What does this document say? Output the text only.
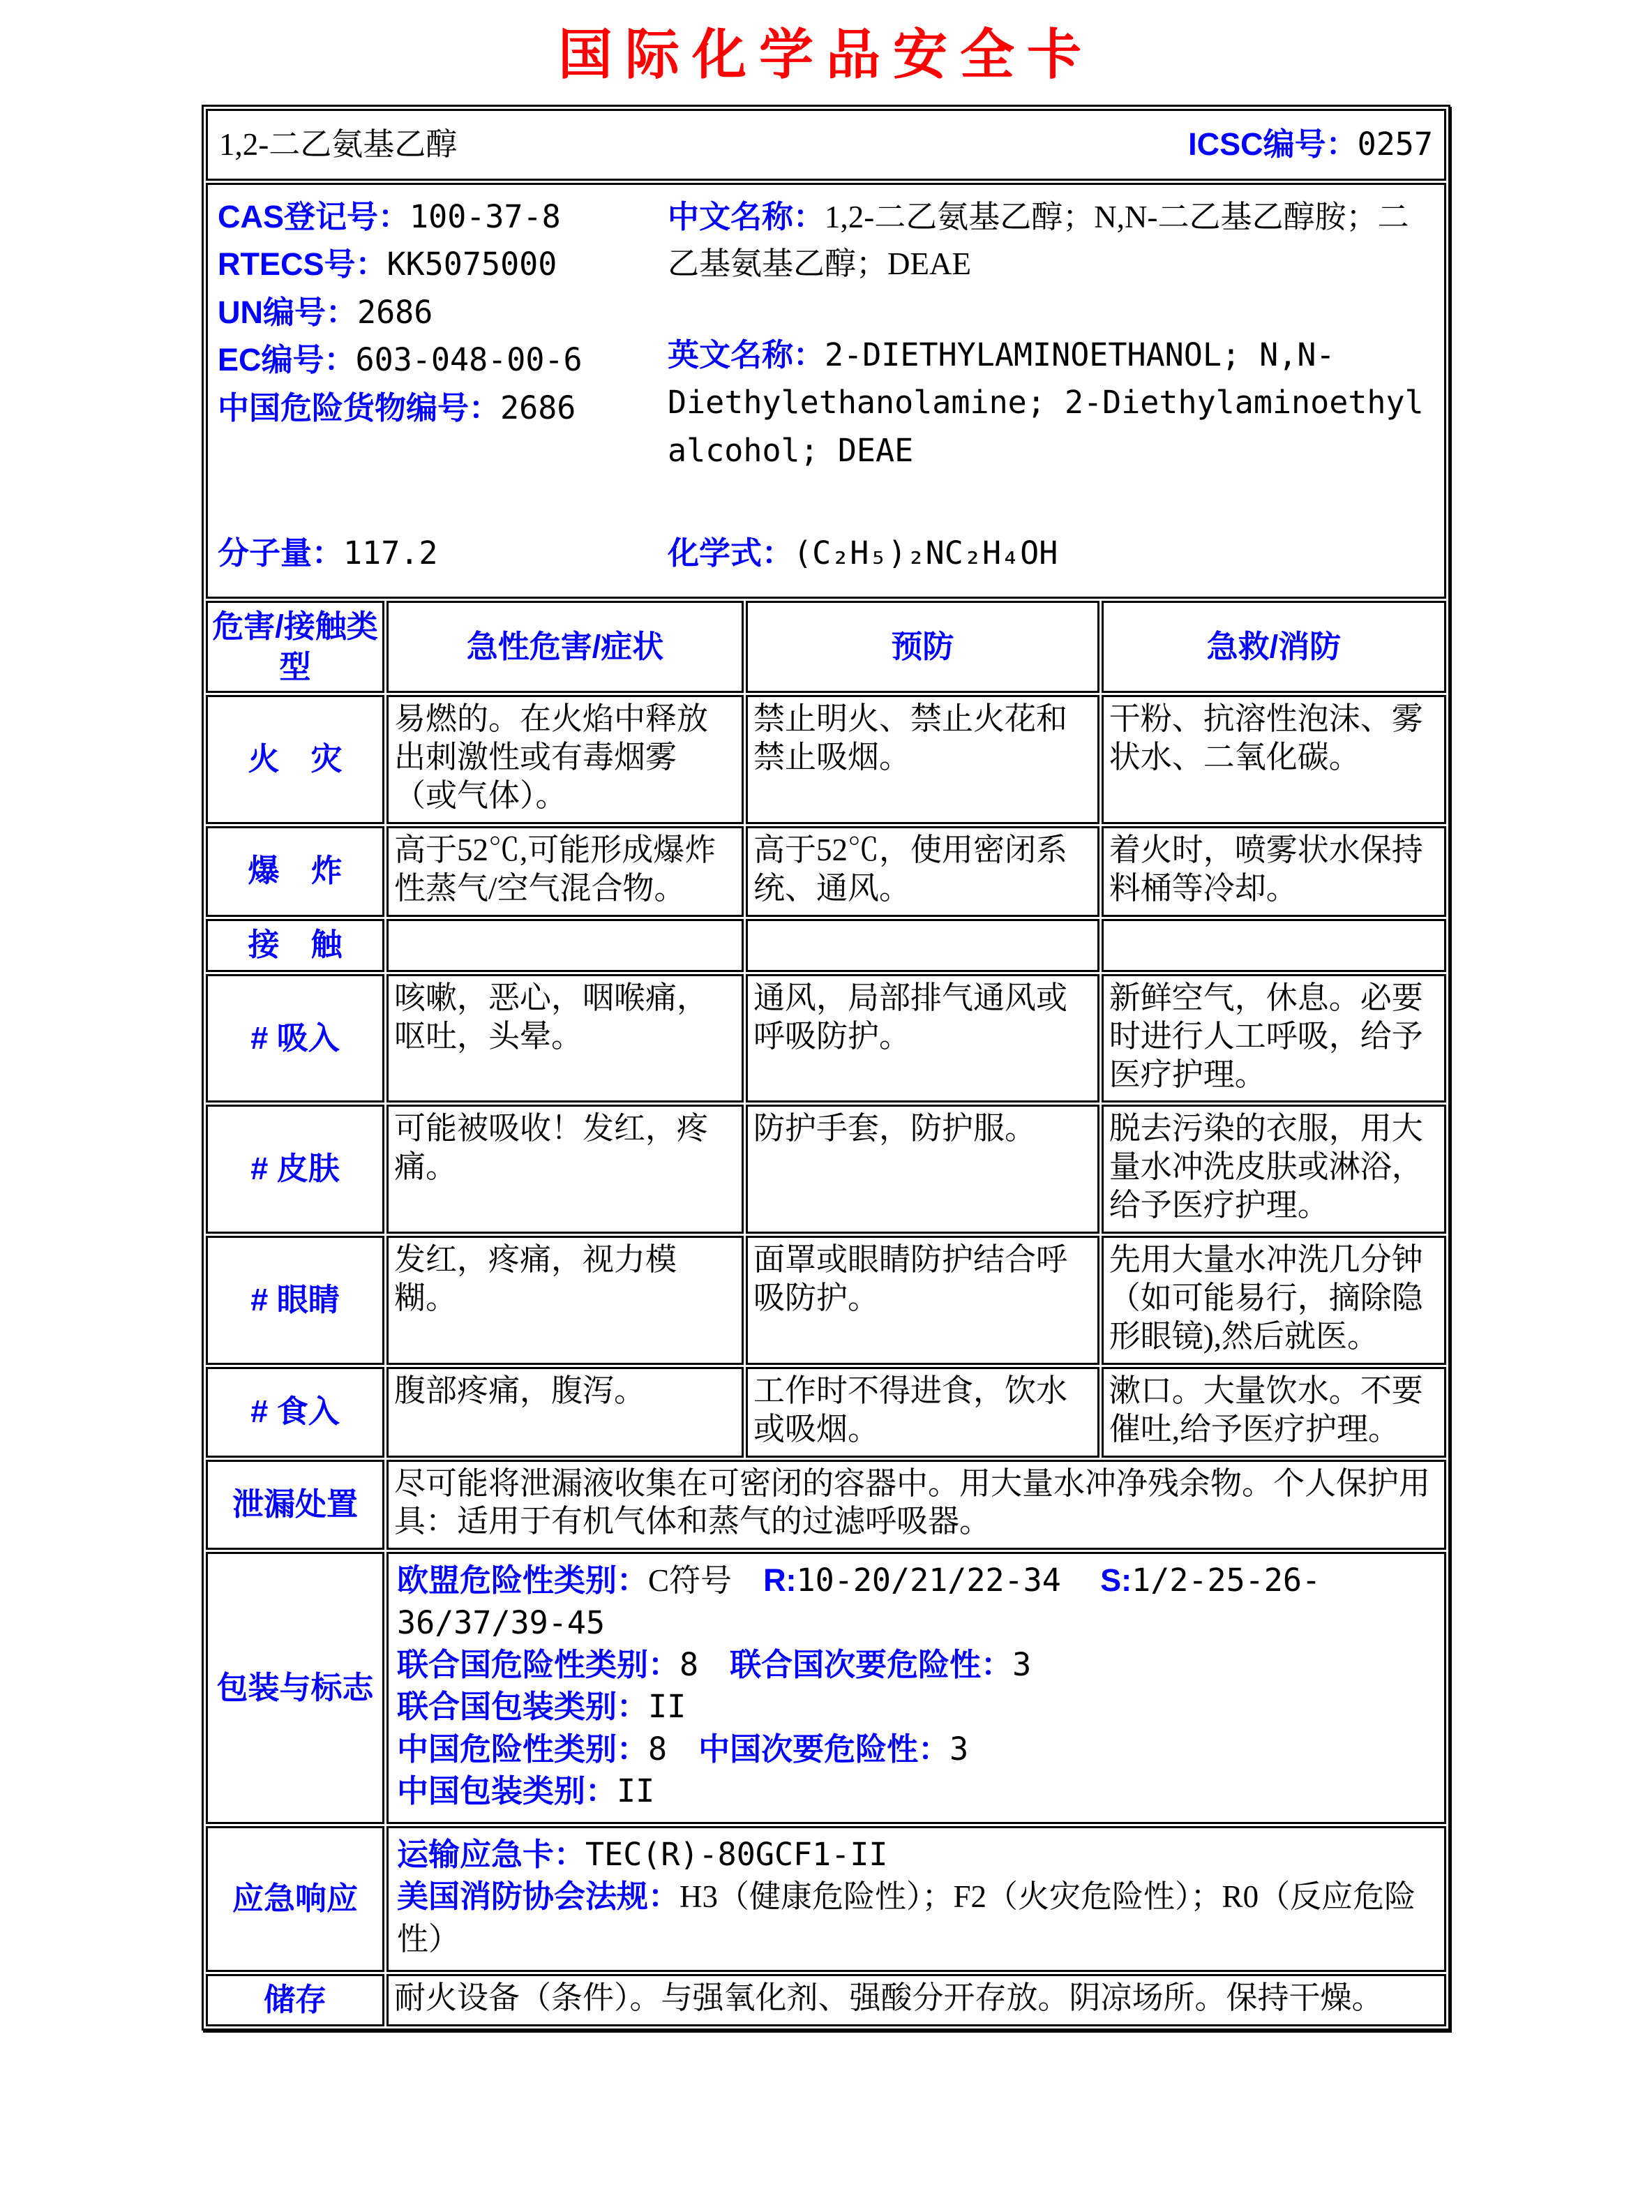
国际化学品安全卡
1,2-二乙氨基乙醇 ICSC编号：0257			

CAS登记号：100-37-8
RTECS号：KK5075000
UN编号：2686
EC编号：603-048-00-6
中国危险货物编号：2686

中文名称：1,2-二乙氨基乙醇；N,N-二乙基乙醇胺；二乙基氨基乙醇；DEAE

英文名称：2-DIETHYLAMINOETHANOL; N,N-Diethylethanolamine; 2-Diethylaminoethyl alcohol; DEAE

分子量：117.2	化学式：(C₂H₅)₂NC₂H₄OH

危害/接触类型	急性危害/症状	预防	急救/消防
火　灾	易燃的。在火焰中释放出刺激性或有毒烟雾（或气体）。	禁止明火、禁止火花和禁止吸烟。	干粉、抗溶性泡沫、雾状水、二氧化碳。
爆　炸	高于52℃,可能形成爆炸性蒸气/空气混合物。	高于52℃，使用密闭系统、通风。	着火时，喷雾状水保持料桶等冷却。
接　触			
# 吸入	咳嗽，恶心，咽喉痛，呕吐，头晕。	通风，局部排气通风或呼吸防护。	新鲜空气，休息。必要时进行人工呼吸，给予医疗护理。
# 皮肤	可能被吸收！发红，疼痛。	防护手套，防护服。	脱去污染的衣服，用大量水冲洗皮肤或淋浴，给予医疗护理。
# 眼睛	发红，疼痛，视力模糊。	面罩或眼睛防护结合呼吸防护。	先用大量水冲洗几分钟（如可能易行，摘除隐形眼镜),然后就医。
# 食入	腹部疼痛，腹泻。	工作时不得进食，饮水或吸烟。	漱口。大量饮水。不要催吐,给予医疗护理。
泄漏处置	尽可能将泄漏液收集在可密闭的容器中。用大量水冲净残余物。个人保护用具：适用于有机气体和蒸气的过滤呼吸器。		
包装与标志	欧盟危险性类别：C符号　 R:10-20/21/22-34　 S:1/2-25-26-36/37/39-45
联合国危险性类别：8　 联合国次要危险性：3
联合国包装类别：II
中国危险性类别：8　 中国次要危险性：3
中国包装类别：II		

应急响应	运输应急卡：TEC(R)-80GCF1-II
美国消防协会法规：H3（健康危险性）；F2（火灾危险性）；R0（反应危险性）		

储存	耐火设备（条件）。与强氧化剂、强酸分开存放。阴凉场所。保持干燥。		
